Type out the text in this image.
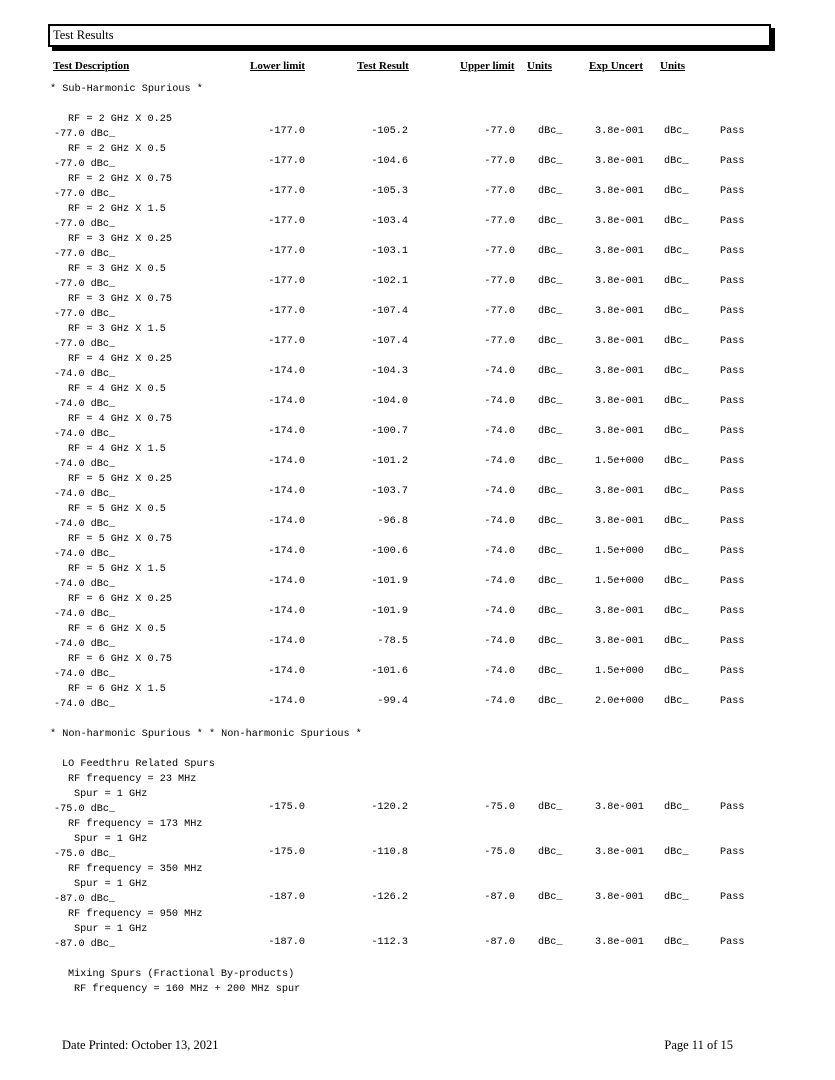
Test Results
Test Description	Lower limit	Test Result	Upper limit Units	Exp Uncert Units
* Sub-Harmonic Spurious *
RF = 2 GHz X 0.25
-77.0 dBc_	-177.0	-105.2	-77.0 dBc_	3.8e-001 dBc_	Pass
RF = 2 GHz X 0.5
-77.0 dBc_	-177.0	-104.6	-77.0 dBc_	3.8e-001 dBc_	Pass
RF = 2 GHz X 0.75
-77.0 dBc_	-177.0	-105.3	-77.0 dBc_	3.8e-001 dBc_	Pass
RF = 2 GHz X 1.5
-77.0 dBc_	-177.0	-103.4	-77.0 dBc_	3.8e-001 dBc_	Pass
RF = 3 GHz X 0.25
-77.0 dBc_	-177.0	-103.1	-77.0 dBc_	3.8e-001 dBc_	Pass
RF = 3 GHz X 0.5
-77.0 dBc_	-177.0	-102.1	-77.0 dBc_	3.8e-001 dBc_	Pass
RF = 3 GHz X 0.75
-77.0 dBc_	-177.0	-107.4	-77.0 dBc_	3.8e-001 dBc_	Pass
RF = 3 GHz X 1.5
-77.0 dBc_	-177.0	-107.4	-77.0 dBc_	3.8e-001 dBc_	Pass
RF = 4 GHz X 0.25
-74.0 dBc_	-174.0	-104.3	-74.0 dBc_	3.8e-001 dBc_	Pass
RF = 4 GHz X 0.5
-74.0 dBc_	-174.0	-104.0	-74.0 dBc_	3.8e-001 dBc_	Pass
RF = 4 GHz X 0.75
-74.0 dBc_	-174.0	-100.7	-74.0 dBc_	3.8e-001 dBc_	Pass
RF = 4 GHz X 1.5
-74.0 dBc_	-174.0	-101.2	-74.0 dBc_	1.5e+000 dBc_	Pass
RF = 5 GHz X 0.25
-74.0 dBc_	-174.0	-103.7	-74.0 dBc_	3.8e-001 dBc_	Pass
RF = 5 GHz X 0.5
-74.0 dBc_	-174.0	-96.8	-74.0 dBc_	3.8e-001 dBc_	Pass
RF = 5 GHz X 0.75
-74.0 dBc_	-174.0	-100.6	-74.0 dBc_	1.5e+000 dBc_	Pass
RF = 5 GHz X 1.5
-74.0 dBc_	-174.0	-101.9	-74.0 dBc_	1.5e+000 dBc_	Pass
RF = 6 GHz X 0.25
-74.0 dBc_	-174.0	-101.9	-74.0 dBc_	3.8e-001 dBc_	Pass
RF = 6 GHz X 0.5
-74.0 dBc_	-174.0	-78.5	-74.0 dBc_	3.8e-001 dBc_	Pass
RF = 6 GHz X 0.75
-74.0 dBc_	-174.0	-101.6	-74.0 dBc_	1.5e+000 dBc_	Pass
RF = 6 GHz X 1.5
-74.0 dBc_	-174.0	-99.4	-74.0 dBc_	2.0e+000 dBc_	Pass
* Non-harmonic Spurious * * Non-harmonic Spurious *
LO Feedthru Related Spurs
RF frequency = 23 MHz
Spur = 1 GHz
-75.0 dBc_	-175.0	-120.2	-75.0 dBc_	3.8e-001 dBc_	Pass
RF frequency = 173 MHz
Spur = 1 GHz
-75.0 dBc_	-175.0	-110.8	-75.0 dBc_	3.8e-001 dBc_	Pass
RF frequency = 350 MHz
Spur = 1 GHz
-87.0 dBc_	-187.0	-126.2	-87.0 dBc_	3.8e-001 dBc_	Pass
RF frequency = 950 MHz
Spur = 1 GHz
-87.0 dBc_	-187.0	-112.3	-87.0 dBc_	3.8e-001 dBc_	Pass
Mixing Spurs (Fractional By-products)
RF frequency = 160 MHz + 200 MHz spur
Date Printed: October 13, 2021	Page 11 of 15
